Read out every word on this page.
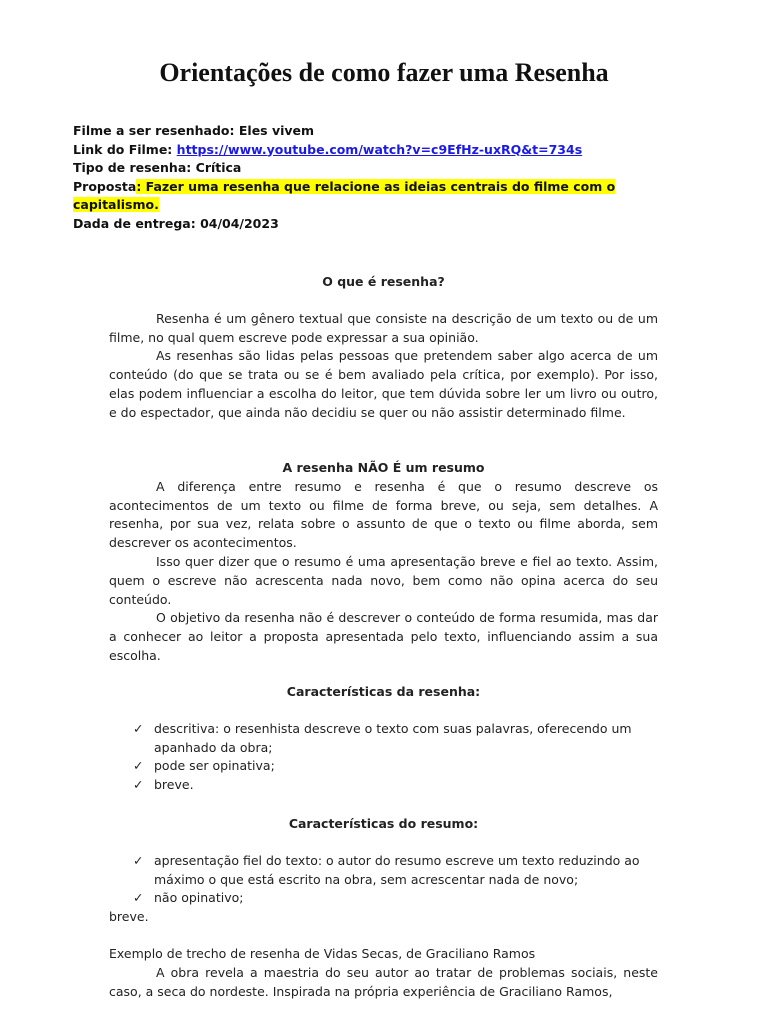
Orientações de como fazer uma Resenha
Filme a ser resenhado: Eles vivem
Link do Filme: https://www.youtube.com/watch?v=c9EfHz-uxRQ&t=734s
Tipo de resenha: Crítica
Proposta: Fazer uma resenha que relacione as ideias centrais do filme com o
capitalismo.
Dada de entrega: 04/04/2023

O que é resenha?

Resenha é um gênero textual que consiste na descrição de um texto ou de um filme, no qual quem escreve pode expressar a sua opinião.

As resenhas são lidas pelas pessoas que pretendem saber algo acerca de um conteúdo (do que se trata ou se é bem avaliado pela crítica, por exemplo). Por isso, elas podem influenciar a escolha do leitor, que tem dúvida sobre ler um livro ou outro, e do espectador, que ainda não decidiu se quer ou não assistir determinado filme.

A resenha NÃO É um resumo

A diferença entre resumo e resenha é que o resumo descreve os acontecimentos de um texto ou filme de forma breve, ou seja, sem detalhes. A resenha, por sua vez, relata sobre o assunto de que o texto ou filme aborda, sem descrever os acontecimentos.

Isso quer dizer que o resumo é uma apresentação breve e fiel ao texto. Assim, quem o escreve não acrescenta nada novo, bem como não opina acerca do seu conteúdo.

O objetivo da resenha não é descrever o conteúdo de forma resumida, mas dar a conhecer ao leitor a proposta apresentada pelo texto, influenciando assim a sua escolha.

Características da resenha:

✓ descritiva: o resenhista descreve o texto com suas palavras, oferecendo um apanhado da obra;
✓ pode ser opinativa;
✓ breve.

Características do resumo:

✓ apresentação fiel do texto: o autor do resumo escreve um texto reduzindo ao máximo o que está escrito na obra, sem acrescentar nada de novo;
✓ não opinativo;

breve.

Exemplo de trecho de resenha de Vidas Secas, de Graciliano Ramos

A obra revela a maestria do seu autor ao tratar de problemas sociais, neste caso, a seca do nordeste. Inspirada na própria experiência de Graciliano Ramos,
